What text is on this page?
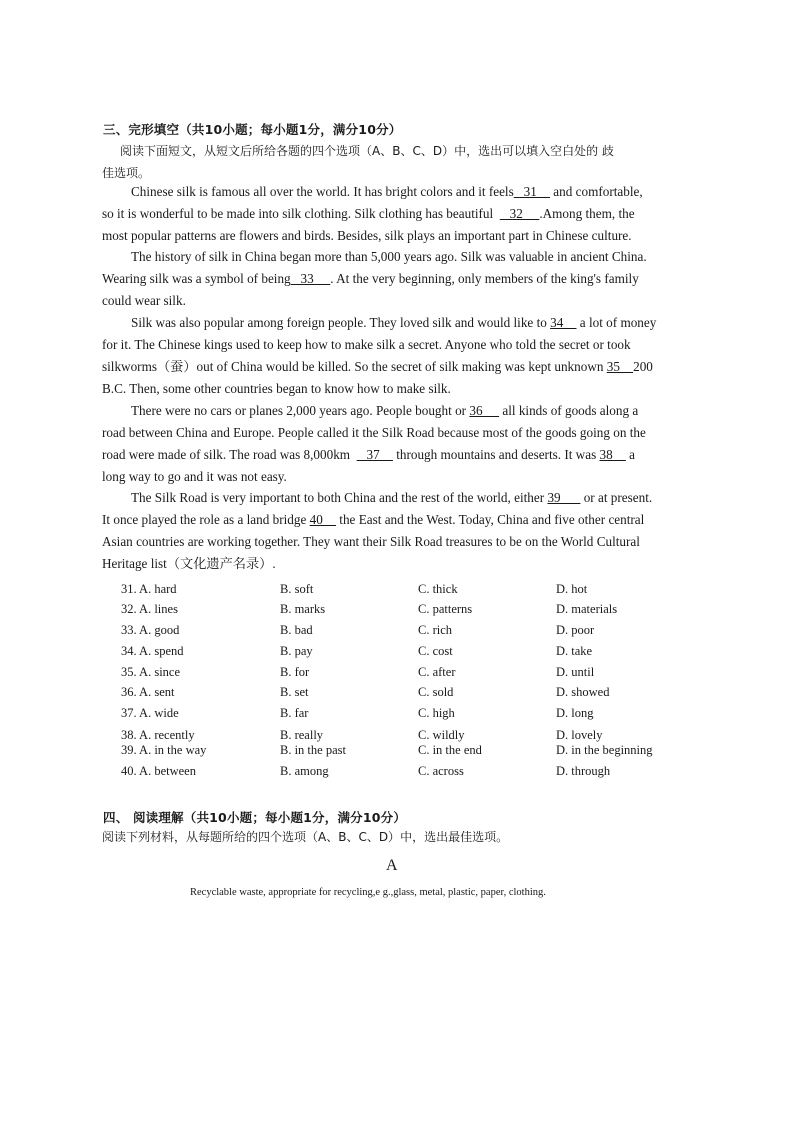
三、完形填空（共10小题；每小题1分，满分10分）
阅读下面短文，从短文后所给各题的四个选项（A、B、C、D）中，选出可以填入空白处的 歧
佳选项。
Chinese silk is famous all over the world. It has bright colors and it feels   31     and comfortable,
so it is wonderful to be made into silk clothing. Silk clothing has beautiful     32     .Among them, the
most popular patterns are flowers and birds. Besides, silk plays an important part in Chinese culture.
The history of silk in China began more than 5,000 years ago. Silk was valuable in ancient China.
Wearing silk was a symbol of being   33     . At the very beginning, only members of the king's family
could wear silk.
Silk was also popular among foreign people. They loved silk and would like to 34     a lot of money
for it. The Chinese kings used to keep how to make silk a secret. Anyone who told the secret or took
silkworms（蚕）out of China would be killed. So the secret of silk making was kept unknown 35    200
B.C. Then, some other countries began to know how to make silk.
There were no cars or planes 2,000 years ago. People bought or 36      all kinds of goods along a
road between China and Europe. People called it the Silk Road because most of the goods going on the
road were made of silk. The road was 8,000km     37     through mountains and deserts. It was 38     a
long way to go and it was not easy.
The Silk Road is very important to both China and the rest of the world, either 39       or at present.
It once played the role as a land bridge 40     the East and the West. Today, China and five other central
Asian countries are working together. They want their Silk Road treasures to be on the World Cultural
Heritage list（文化遗产名录）.
31. A. hard	B. soft	C. thick	D. hot
32. A. lines	B. marks	C. patterns	D. materials
33. A. good	B. bad	C. rich	D. poor
34. A. spend	B. pay	C. cost	D. take
35. A. since	B. for	C. after	D. until
36. A. sent	B. set	C. sold	D. showed
37. A. wide	B. far	C. high	D. long
38. A. recently	B. really	C. wildly	D. lovely
39. A. in the way	B. in the past	C. in the end	D. in the beginning
40. A. between	B. among	C. across	D. through
四、 阅读理解（共10小题；每小题1分，满分10分）
阅读下列材料，从每题所给的四个选项（A、B、C、D）中，选出最佳选项。
A
Recyclable waste, appropriate for recycling,e g.,glass, metal, plastic, paper, clothing.
